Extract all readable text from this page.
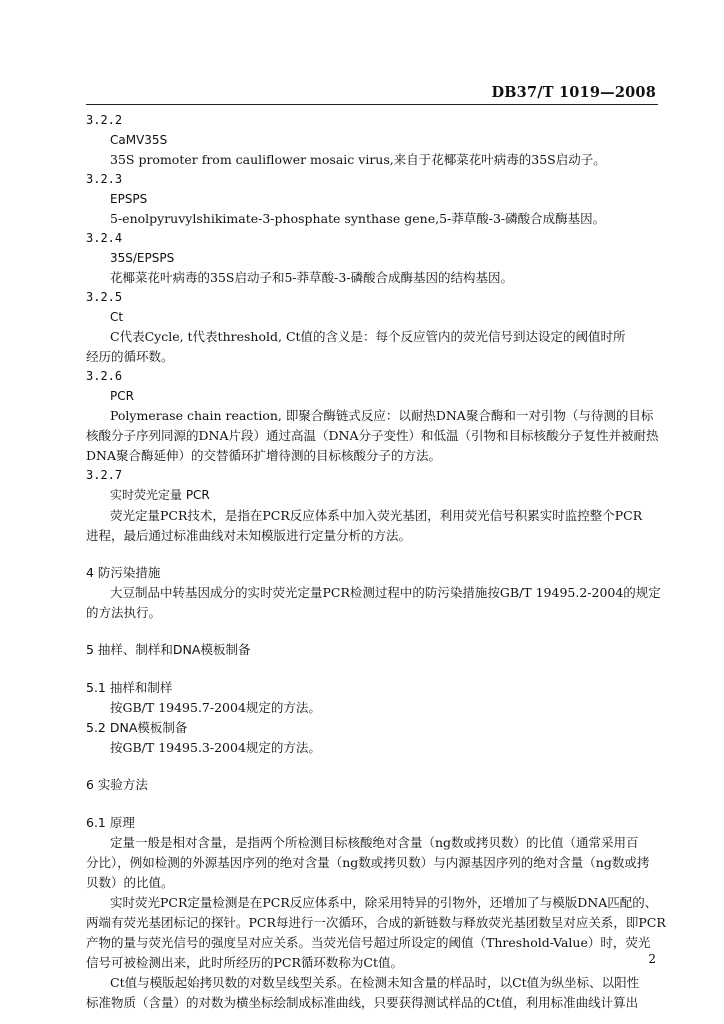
DB37/T 1019—2008
3.2.2
CaMV35S
35S promoter from cauliflower mosaic virus,来自于花椰菜花叶病毒的35S启动子。
3.2.3
EPSPS
5-enolpyruvylshikimate-3-phosphate synthase gene,5-莽草酸-3-磷酸合成酶基因。
3.2.4
35S/EPSPS
花椰菜花叶病毒的35S启动子和5-莽草酸-3-磷酸合成酶基因的结构基因。
3.2.5
Ct
C代表Cycle, t代表threshold, Ct值的含义是：每个反应管内的荧光信号到达设定的阈值时所
经历的循环数。
3.2.6
PCR
Polymerase chain reaction, 即聚合酶链式反应：以耐热DNA聚合酶和一对引物（与待测的目标
核酸分子序列同源的DNA片段）通过高温（DNA分子变性）和低温（引物和目标核酸分子复性并被耐热
DNA聚合酶延伸）的交替循环扩增待测的目标核酸分子的方法。
3.2.7
实时荧光定量 PCR
荧光定量PCR技术，是指在PCR反应体系中加入荧光基团，利用荧光信号积累实时监控整个PCR
进程，最后通过标准曲线对未知模版进行定量分析的方法。
4 防污染措施
大豆制品中转基因成分的实时荧光定量PCR检测过程中的防污染措施按GB/T 19495.2-2004的规定
的方法执行。
5 抽样、制样和DNA模板制备
5.1 抽样和制样
按GB/T 19495.7-2004规定的方法。
5.2 DNA模板制备
按GB/T 19495.3-2004规定的方法。
6 实验方法
6.1 原理
定量一般是相对含量，是指两个所检测目标核酸绝对含量（ng数或拷贝数）的比值（通常采用百
分比），例如检测的外源基因序列的绝对含量（ng数或拷贝数）与内源基因序列的绝对含量（ng数或拷
贝数）的比值。
实时荧光PCR定量检测是在PCR反应体系中，除采用特异的引物外，还增加了与模版DNA匹配的、
两端有荧光基团标记的探针。PCR每进行一次循环，合成的新链数与释放荧光基团数呈对应关系，即PCR
产物的量与荧光信号的强度呈对应关系。当荧光信号超过所设定的阈值（Threshold-Value）时，荧光
信号可被检测出来，此时所经历的PCR循环数称为Ct值。
Ct值与模版起始拷贝数的对数呈线型关系。在检测未知含量的样品时，以Ct值为纵坐标、以阳性
标准物质（含量）的对数为横坐标绘制成标准曲线，只要获得测试样品的Ct值，利用标准曲线计算出
2
